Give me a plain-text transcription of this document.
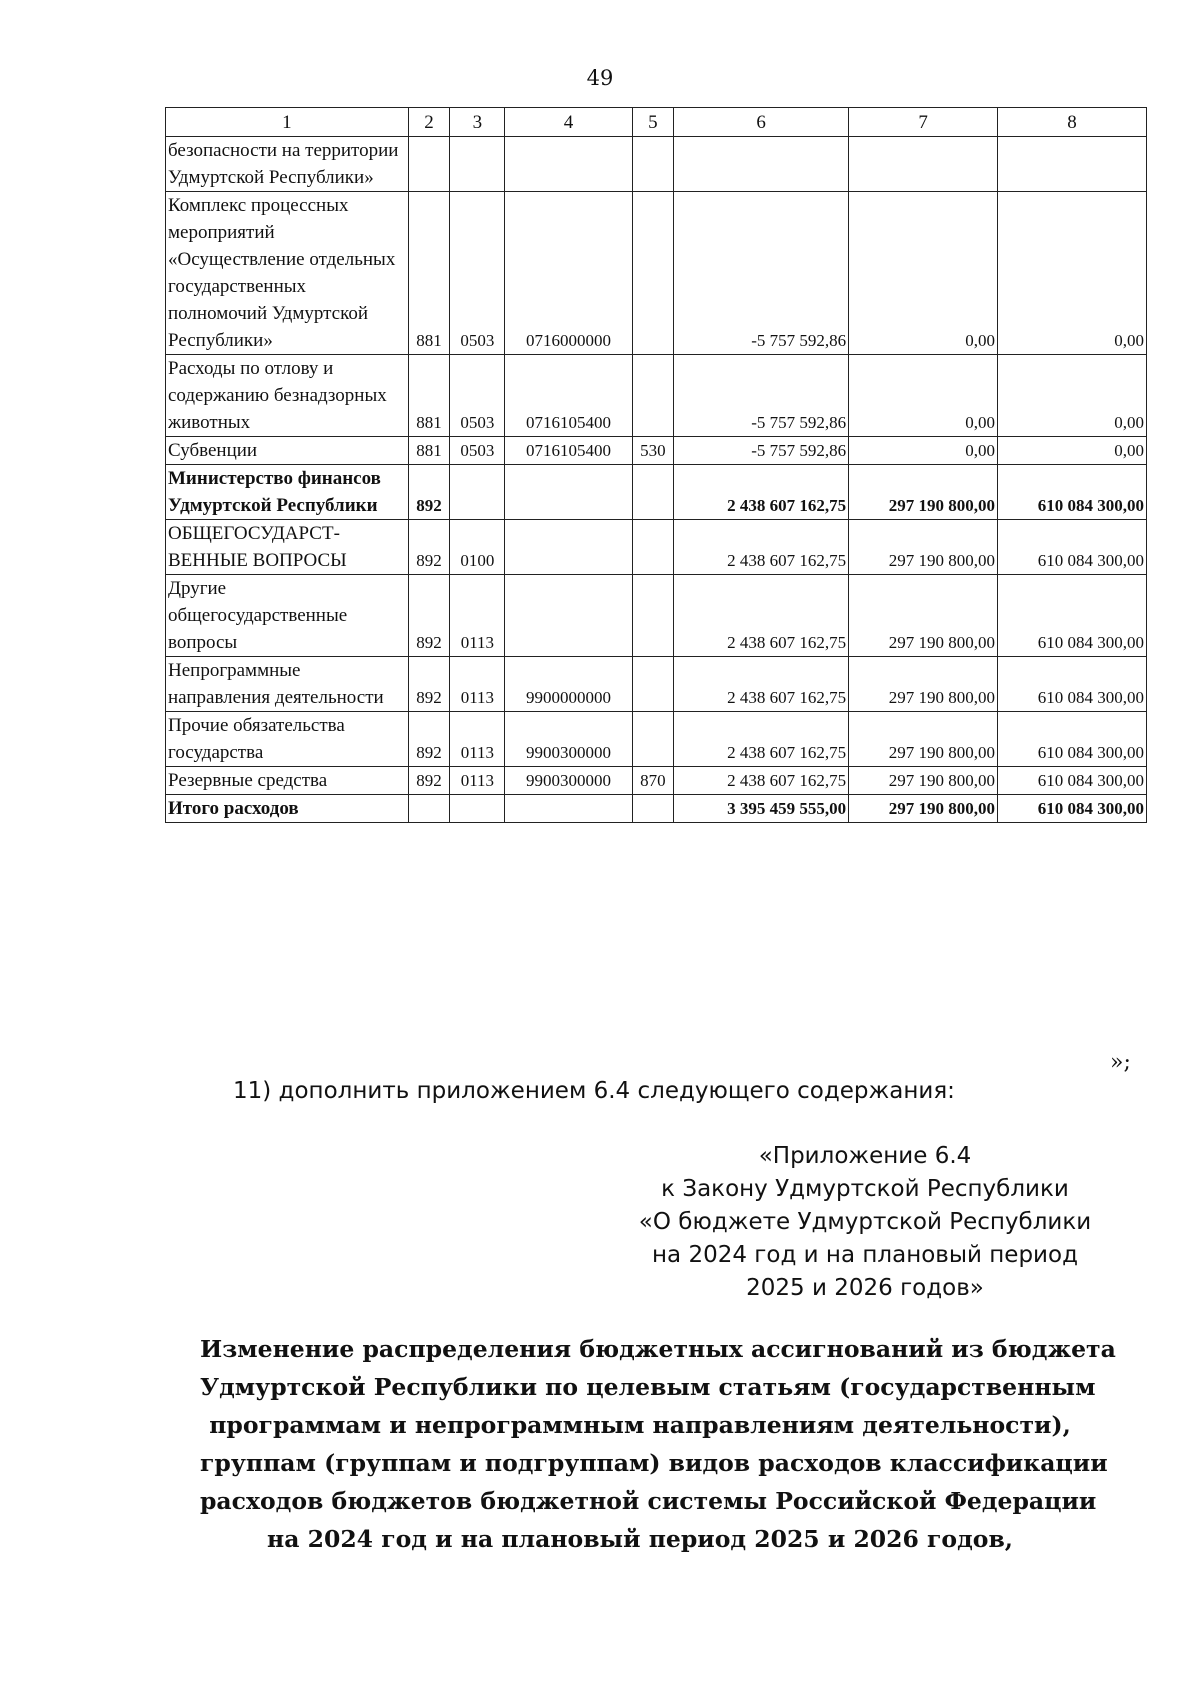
49
1	2	3	4	5	6	7	8
безопасности на территории Удмуртской Республики»							
Комплекс процессных мероприятий «Осуществление отдельных государственных полномочий Удмуртской Республики»	881	0503	0716000000		-5 757 592,86	0,00	0,00
Расходы по отлову и содержанию безнадзорных животных	881	0503	0716105400		-5 757 592,86	0,00	0,00
Субвенции	881	0503	0716105400	530	-5 757 592,86	0,00	0,00
Министерство финансов Удмуртской Республики	892				2 438 607 162,75	297 190 800,00	610 084 300,00
ОБЩЕГОСУДАРСТ-ВЕННЫЕ ВОПРОСЫ	892	0100			2 438 607 162,75	297 190 800,00	610 084 300,00
Другие общегосударственные вопросы	892	0113			2 438 607 162,75	297 190 800,00	610 084 300,00
Непрограммные направления деятельности	892	0113	9900000000		2 438 607 162,75	297 190 800,00	610 084 300,00
Прочие обязательства государства	892	0113	9900300000		2 438 607 162,75	297 190 800,00	610 084 300,00
Резервные средства	892	0113	9900300000	870	2 438 607 162,75	297 190 800,00	610 084 300,00
Итого расходов					3 395 459 555,00	297 190 800,00	610 084 300,00
»;
11) дополнить приложением 6.4 следующего содержания:
«Приложение 6.4
к Закону Удмуртской Республики
«О бюджете Удмуртской Республики
на 2024 год и на плановый период
2025 и 2026 годов»
Изменение распределения бюджетных ассигнований из бюджета
Удмуртской Республики по целевым статьям (государственным
программам и непрограммным направлениям деятельности),
группам (группам и подгруппам) видов расходов классификации
расходов бюджетов бюджетной системы Российской Федерации
на 2024 год и на плановый период 2025 и 2026 годов,
